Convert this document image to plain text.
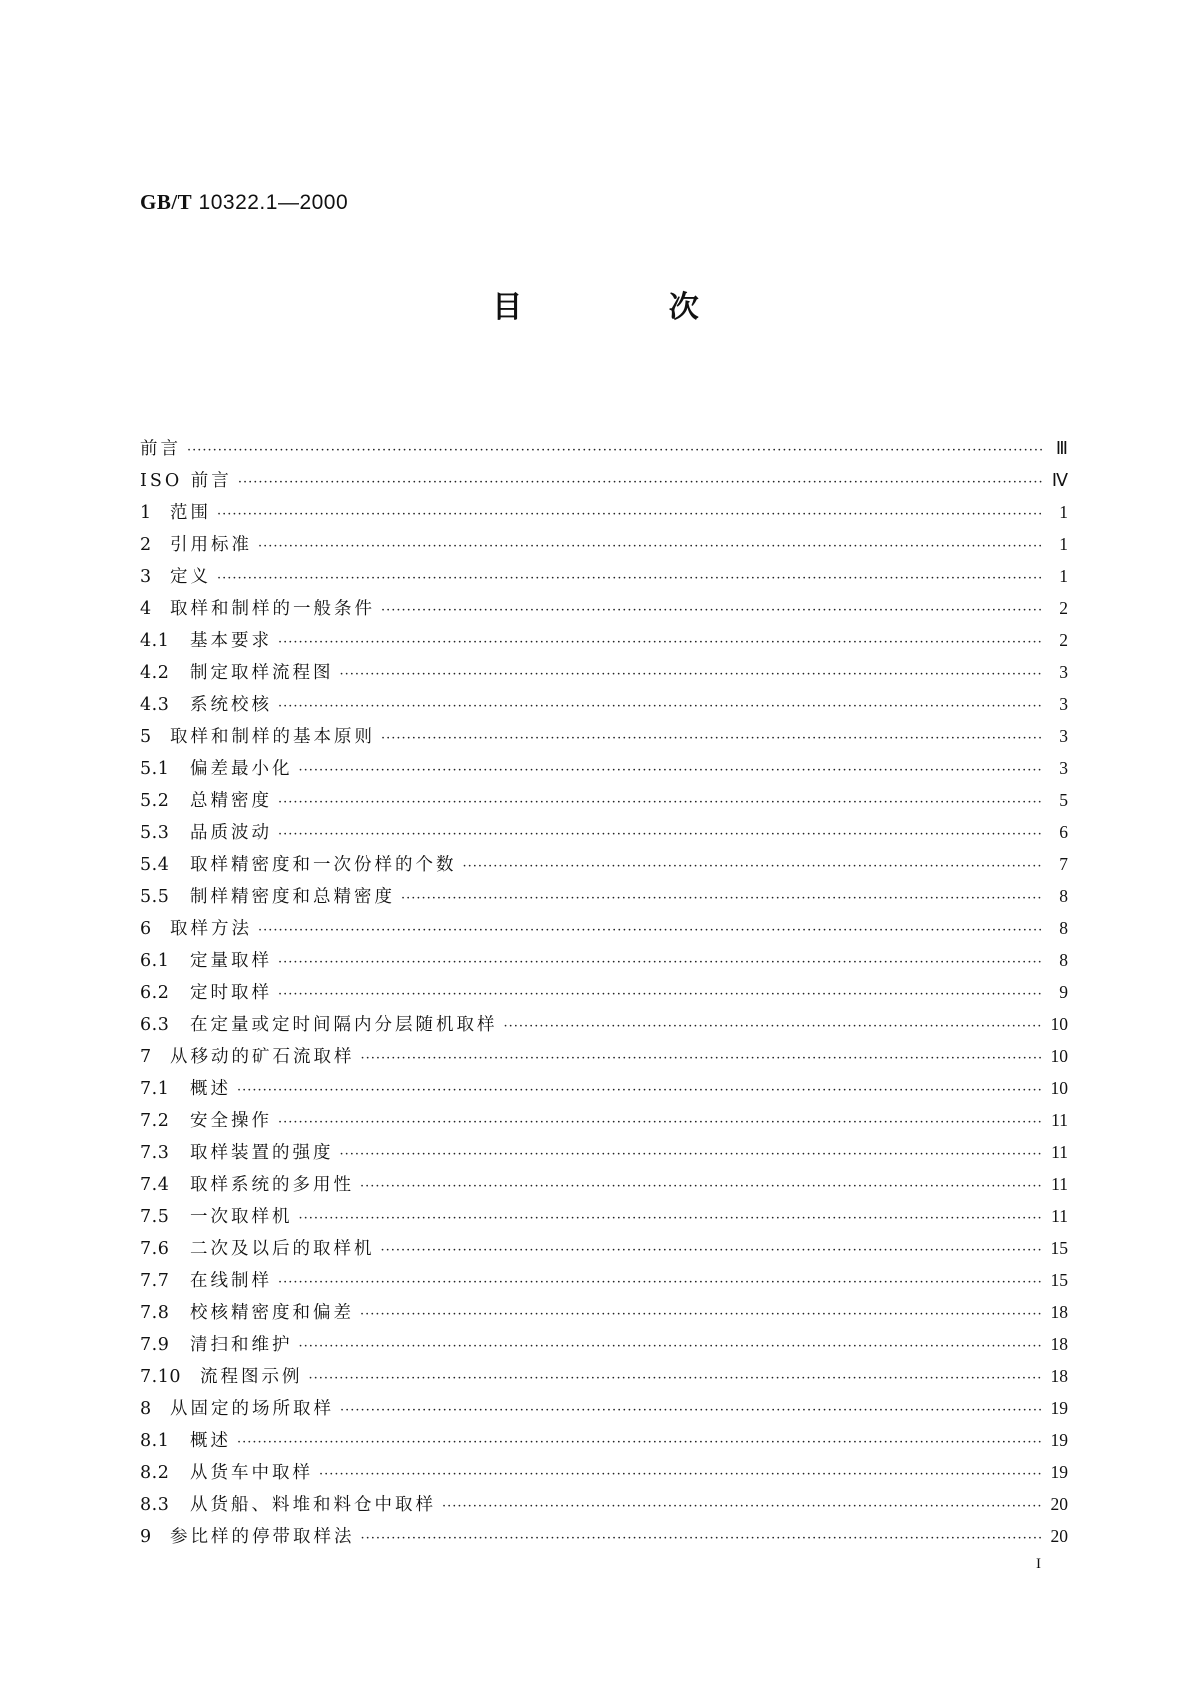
GB/T 10322.1—2000
目 次
前言 ·····	Ⅲ
ISO 前言 ·····	Ⅳ
1	范围 ·····	1
2	引用标准 ·····	1
3	定义 ·····	1
4	取样和制样的一般条件 ·····	2
4.1	基本要求 ·····	2
4.2	制定取样流程图 ·····	3
4.3	系统校核 ·····	3
5	取样和制样的基本原则 ·····	3
5.1	偏差最小化 ·····	3
5.2	总精密度 ·····	5
5.3	品质波动 ·····	6
5.4	取样精密度和一次份样的个数 ·····	7
5.5	制样精密度和总精密度 ·····	8
6	取样方法 ·····	8
6.1	定量取样 ·····	8
6.2	定时取样 ·····	9
6.3	在定量或定时间隔内分层随机取样 ·····	10
7	从移动的矿石流取样 ·····	10
7.1	概述 ·····	10
7.2	安全操作 ·····	11
7.3	取样装置的强度 ·····	11
7.4	取样系统的多用性 ·····	11
7.5	一次取样机 ·····	11
7.6	二次及以后的取样机 ·····	15
7.7	在线制样 ·····	15
7.8	校核精密度和偏差 ·····	18
7.9	清扫和维护 ·····	18
7.10	流程图示例 ·····	18
8	从固定的场所取样 ·····	19
8.1	概述 ·····	19
8.2	从货车中取样 ·····	19
8.3	从货船、料堆和料仓中取样 ·····	20
9	参比样的停带取样法 ·····	20
I
